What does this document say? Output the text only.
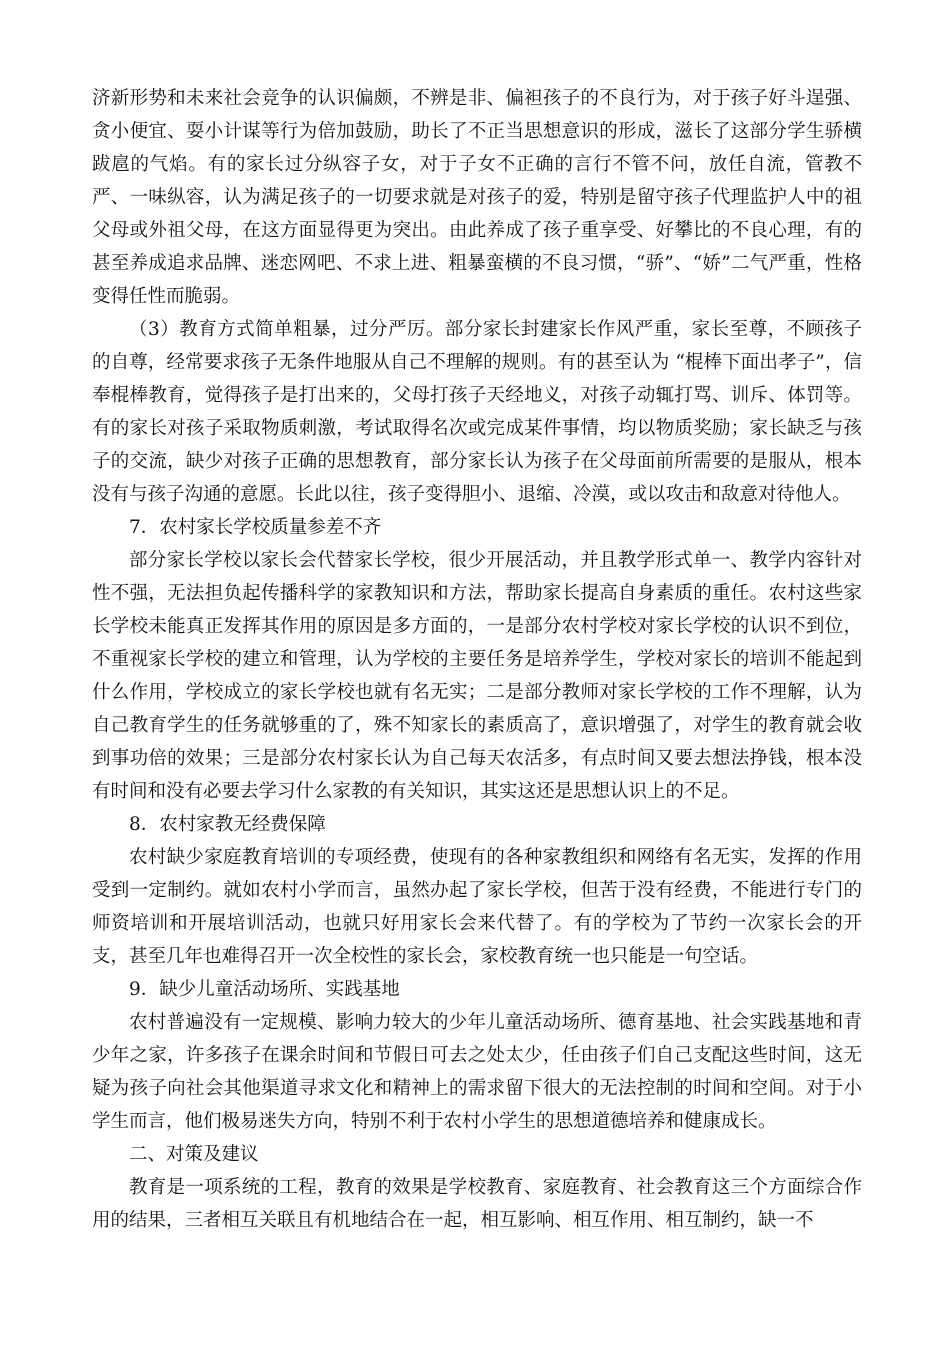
济新形势和未来社会竞争的认识偏颇，不辨是非、偏袒孩子的不良行为，对于孩子好斗逞强、贪小便宜、耍小计谋等行为倍加鼓励，助长了不正当思想意识的形成，滋长了这部分学生骄横跋扈的气焰。有的家长过分纵容子女，对于子女不正确的言行不管不问，放任自流，管教不严、一味纵容，认为满足孩子的一切要求就是对孩子的爱，特别是留守孩子代理监护人中的祖父母或外祖父母，在这方面显得更为突出。由此养成了孩子重享受、好攀比的不良心理，有的甚至养成追求品牌、迷恋网吧、不求上进、粗暴蛮横的不良习惯，“骄”、“娇”二气严重，性格变得任性而脆弱。

（3）教育方式简单粗暴，过分严厉。部分家长封建家长作风严重，家长至尊，不顾孩子的自尊，经常要求孩子无条件地服从自己不理解的规则。有的甚至认为 “棍棒下面出孝子”，信奉棍棒教育，觉得孩子是打出来的，父母打孩子天经地义，对孩子动辄打骂、训斥、体罚等。有的家长对孩子采取物质刺激，考试取得名次或完成某件事情，均以物质奖励；家长缺乏与孩子的交流，缺少对孩子正确的思想教育，部分家长认为孩子在父母面前所需要的是服从，根本没有与孩子沟通的意愿。长此以往，孩子变得胆小、退缩、冷漠，或以攻击和敌意对待他人。

7．农村家长学校质量参差不齐

部分家长学校以家长会代替家长学校，很少开展活动，并且教学形式单一、教学内容针对性不强，无法担负起传播科学的家教知识和方法，帮助家长提高自身素质的重任。农村这些家长学校未能真正发挥其作用的原因是多方面的，一是部分农村学校对家长学校的认识不到位，不重视家长学校的建立和管理，认为学校的主要任务是培养学生，学校对家长的培训不能起到什么作用，学校成立的家长学校也就有名无实；二是部分教师对家长学校的工作不理解，认为自己教育学生的任务就够重的了，殊不知家长的素质高了，意识增强了，对学生的教育就会收到事功倍的效果；三是部分农村家长认为自己每天农活多，有点时间又要去想法挣钱，根本没有时间和没有必要去学习什么家教的有关知识，其实这还是思想认识上的不足。

8．农村家教无经费保障

农村缺少家庭教育培训的专项经费，使现有的各种家教组织和网络有名无实，发挥的作用受到一定制约。就如农村小学而言，虽然办起了家长学校，但苦于没有经费，不能进行专门的师资培训和开展培训活动，也就只好用家长会来代替了。有的学校为了节约一次家长会的开支，甚至几年也难得召开一次全校性的家长会，家校教育统一也只能是一句空话。

9．缺少儿童活动场所、实践基地

农村普遍没有一定规模、影响力较大的少年儿童活动场所、德育基地、社会实践基地和青少年之家，许多孩子在课余时间和节假日可去之处太少，任由孩子们自己支配这些时间，这无疑为孩子向社会其他渠道寻求文化和精神上的需求留下很大的无法控制的时间和空间。对于小学生而言，他们极易迷失方向，特别不利于农村小学生的思想道德培养和健康成长。

二、对策及建议

教育是一项系统的工程，教育的效果是学校教育、家庭教育、社会教育这三个方面综合作用的结果，三者相互关联且有机地结合在一起，相互影响、相互作用、相互制约，缺一不
